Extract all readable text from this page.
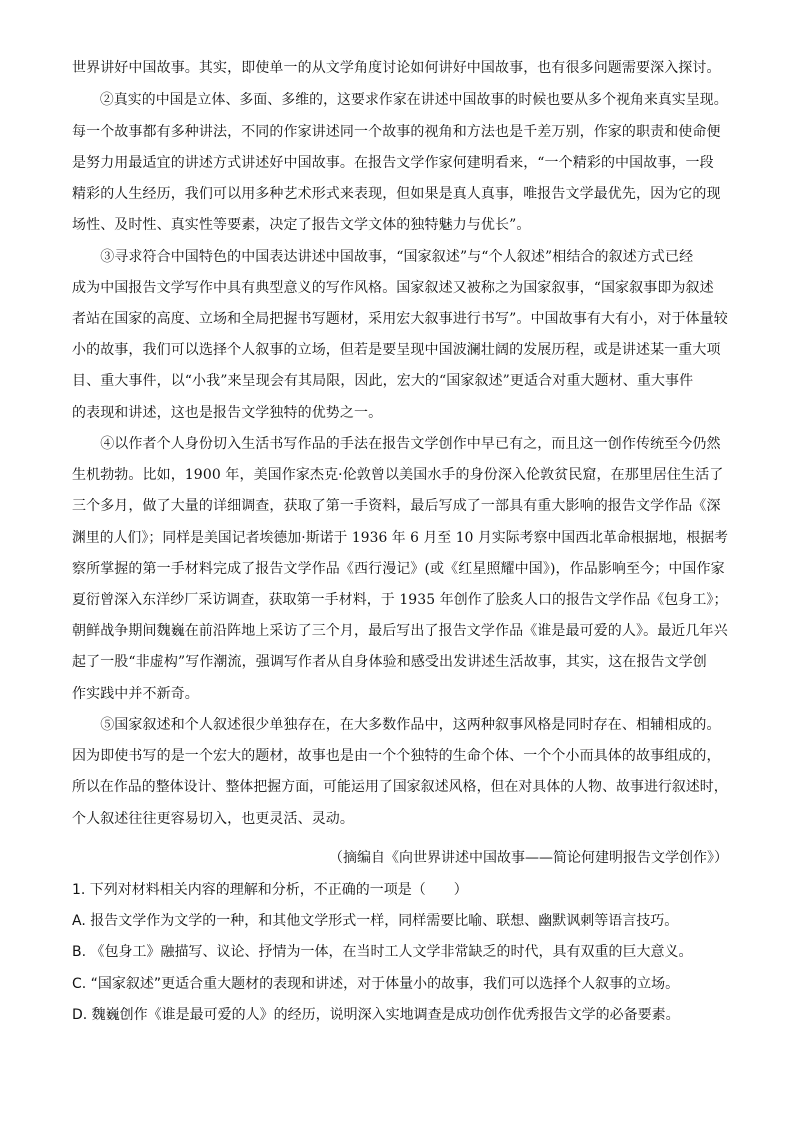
世界讲好中国故事。其实，即使单一的从文学角度讨论如何讲好中国故事，也有很多问题需要深入探讨。
　　②真实的中国是立体、多面、多维的，这要求作家在讲述中国故事的时候也要从多个视角来真实呈现。
每一个故事都有多种讲法，不同的作家讲述同一个故事的视角和方法也是千差万别，作家的职责和使命便
是努力用最适宜的讲述方式讲述好中国故事。在报告文学作家何建明看来，“一个精彩的中国故事，一段
精彩的人生经历，我们可以用多种艺术形式来表现，但如果是真人真事，唯报告文学最优先，因为它的现
场性、及时性、真实性等要素，决定了报告文学文体的独特魅力与优长”。
　　③寻求符合中国特色的中国表达讲述中国故事，“国家叙述”与“个人叙述”相结合的叙述方式已经
成为中国报告文学写作中具有典型意义的写作风格。国家叙述又被称之为国家叙事，“国家叙事即为叙述
者站在国家的高度、立场和全局把握书写题材，采用宏大叙事进行书写”。中国故事有大有小，对于体量较
小的故事，我们可以选择个人叙事的立场，但若是要呈现中国波澜壮阔的发展历程，或是讲述某一重大项
目、重大事件，以“小我”来呈现会有其局限，因此，宏大的“国家叙述”更适合对重大题材、重大事件
的表现和讲述，这也是报告文学独特的优势之一。
　　④以作者个人身份切入生活书写作品的手法在报告文学创作中早已有之，而且这一创作传统至今仍然
生机勃勃。比如，1900 年，美国作家杰克·伦敦曾以美国水手的身份深入伦敦贫民窟，在那里居住生活了
三个多月，做了大量的详细调查，获取了第一手资料，最后写成了一部具有重大影响的报告文学作品《深
渊里的人们》；同样是美国记者埃德加·斯诺于 1936 年 6 月至 10 月实际考察中国西北革命根据地，根据考
察所掌握的第一手材料完成了报告文学作品《西行漫记》(或《红星照耀中国》)，作品影响至今；中国作家
夏衍曾深入东洋纱厂采访调查，获取第一手材料，于 1935 年创作了脍炙人口的报告文学作品《包身工》；
朝鲜战争期间魏巍在前沿阵地上采访了三个月，最后写出了报告文学作品《谁是最可爱的人》。最近几年兴
起了一股“非虚构”写作潮流，强调写作者从自身体验和感受出发讲述生活故事，其实，这在报告文学创
作实践中并不新奇。
　　⑤国家叙述和个人叙述很少单独存在，在大多数作品中，这两种叙事风格是同时存在、相辅相成的。
因为即使书写的是一个宏大的题材，故事也是由一个个独特的生命个体、一个个小而具体的故事组成的，
所以在作品的整体设计、整体把握方面，可能运用了国家叙述风格，但在对具体的人物、故事进行叙述时，
个人叙述往往更容易切入，也更灵活、灵动。
（摘编自《向世界讲述中国故事——简论何建明报告文学创作》）
1. 下列对材料相关内容的理解和分析，不正确的一项是（　　）
A. 报告文学作为文学的一种，和其他文学形式一样，同样需要比喻、联想、幽默讽刺等语言技巧。
B. 《包身工》融描写、议论、抒情为一体，在当时工人文学非常缺乏的时代，具有双重的巨大意义。
C. “国家叙述”更适合重大题材的表现和讲述，对于体量小的故事，我们可以选择个人叙事的立场。
D. 魏巍创作《谁是最可爱的人》的经历，说明深入实地调查是成功创作优秀报告文学的必备要素。
